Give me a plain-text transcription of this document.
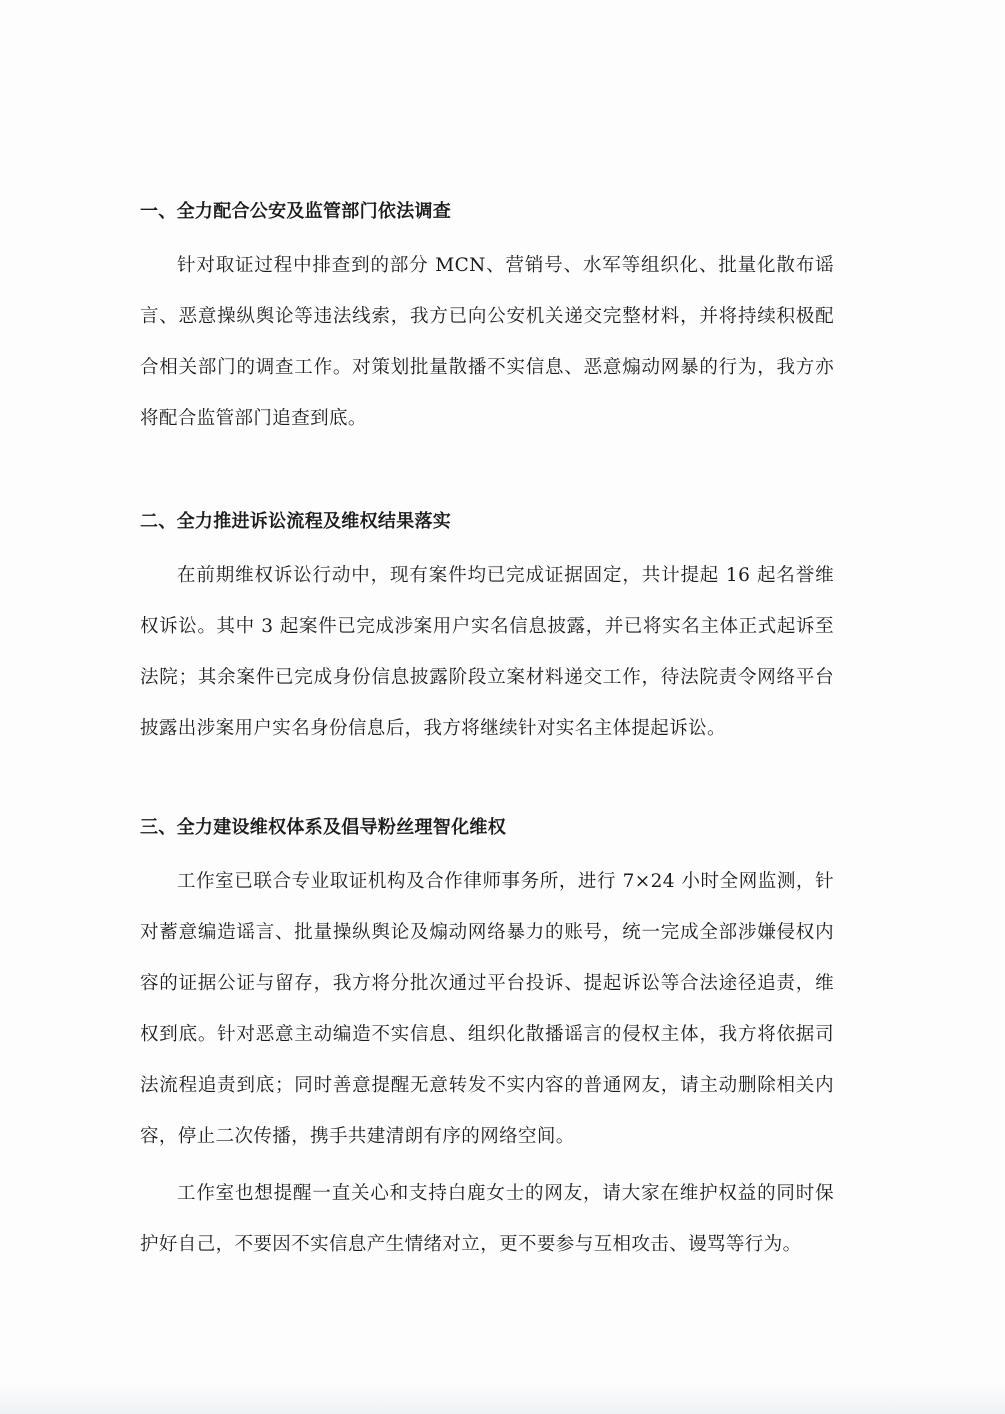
一、全力配合公安及监管部门依法调查

针对取证过程中排查到的部分 MCN、营销号、水军等组织化、批量化散布谣言、恶意操纵舆论等违法线索，我方已向公安机关递交完整材料，并将持续积极配合相关部门的调查工作。对策划批量散播不实信息、恶意煽动网暴的行为，我方亦将配合监管部门追查到底。

二、全力推进诉讼流程及维权结果落实

在前期维权诉讼行动中，现有案件均已完成证据固定，共计提起 16 起名誉维权诉讼。其中 3 起案件已完成涉案用户实名信息披露，并已将实名主体正式起诉至法院；其余案件已完成身份信息披露阶段立案材料递交工作，待法院责令网络平台披露出涉案用户实名身份信息后，我方将继续针对实名主体提起诉讼。

三、全力建设维权体系及倡导粉丝理智化维权

工作室已联合专业取证机构及合作律师事务所，进行 7×24 小时全网监测，针对蓄意编造谣言、批量操纵舆论及煽动网络暴力的账号，统一完成全部涉嫌侵权内容的证据公证与留存，我方将分批次通过平台投诉、提起诉讼等合法途径追责，维权到底。针对恶意主动编造不实信息、组织化散播谣言的侵权主体，我方将依据司法流程追责到底；同时善意提醒无意转发不实内容的普通网友，请主动删除相关内容，停止二次传播，携手共建清朗有序的网络空间。

工作室也想提醒一直关心和支持白鹿女士的网友，请大家在维护权益的同时保护好自己，不要因不实信息产生情绪对立，更不要参与互相攻击、谩骂等行为。
